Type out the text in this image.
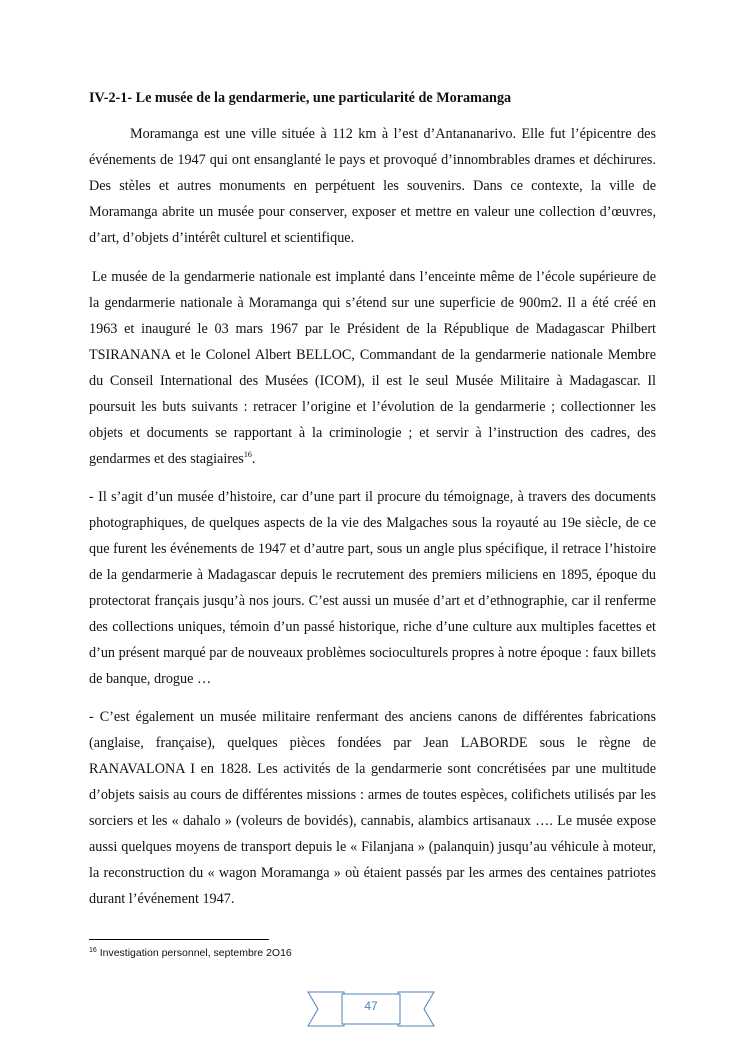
IV-2-1- Le musée de la gendarmerie, une particularité de Moramanga

Moramanga est une ville située à 112 km à l’est d’Antananarivo. Elle fut l’épicentre des événements de 1947 qui ont ensanglanté le pays et provoqué d’innombrables drames et déchirures. Des stèles et autres monuments en perpétuent les souvenirs. Dans ce contexte, la ville de Moramanga abrite un musée pour conserver, exposer et mettre en valeur une collection d’œuvres, d’art, d’objets d’intérêt culturel et scientifique.

Le musée de la gendarmerie nationale est implanté dans l’enceinte même de l’école supérieure de la gendarmerie nationale à Moramanga qui s’étend sur une superficie de 900m2. Il a été créé en 1963 et inauguré le 03 mars 1967 par le Président de la République de Madagascar Philbert TSIRANANA et le Colonel Albert BELLOC, Commandant de la gendarmerie nationale Membre du Conseil International des Musées (ICOM), il est le seul Musée Militaire à Madagascar. Il poursuit les buts suivants : retracer l’origine et l’évolution de la gendarmerie ; collectionner les objets et documents se rapportant à la criminologie ; et servir à l’instruction des cadres, des gendarmes et des stagiaires$^{16}$.

- Il s’agit d’un musée d’histoire, car d’une part il procure du témoignage, à travers des documents photographiques, de quelques aspects de la vie des Malgaches sous la royauté au 19e siècle, de ce que furent les événements de 1947 et d’autre part, sous un angle plus spécifique, il retrace l’histoire de la gendarmerie à Madagascar depuis le recrutement des premiers miliciens en 1895, époque du protectorat français jusqu’à nos jours. C’est aussi un musée d’art et d’ethnographie, car il renferme des collections uniques, témoin d’un passé historique, riche d’une culture aux multiples facettes et d’un présent marqué par de nouveaux problèmes socioculturels propres à notre époque : faux billets de banque, drogue …

- C’est également un musée militaire renfermant des anciens canons de différentes fabrications (anglaise, française), quelques pièces fondées par Jean LABORDE sous le règne de RANAVALONA I en 1828. Les activités de la gendarmerie sont concrétisées par une multitude d’objets saisis au cours de différentes missions : armes de toutes espèces, colifichets utilisés par les sorciers et les « dahalo » (voleurs de bovidés), cannabis, alambics artisanaux …. Le musée expose aussi quelques moyens de transport depuis le « Filanjana » (palanquin) jusqu’au véhicule à moteur, la reconstruction du « wagon Moramanga » où étaient passés par les armes des centaines patriotes durant l’événement 1947.

$^{16}$ Investigation personnel, septembre 2O16

47
